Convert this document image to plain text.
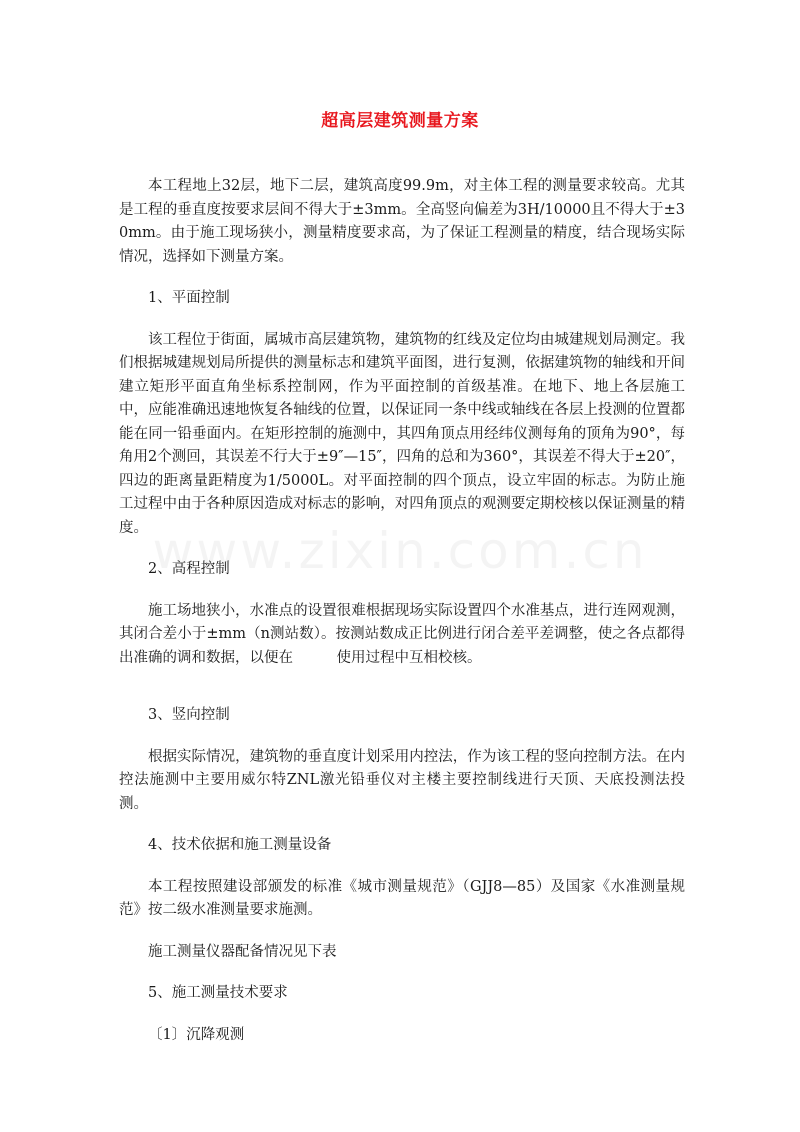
超高层建筑测量方案

本工程地上32层，地下二层，建筑高度99.9m，对主体工程的测量要求较高。尤其是工程的垂直度按要求层间不得大于±3mm。全高竖向偏差为3H/10000且不得大于±30mm。由于施工现场狭小，测量精度要求高，为了保证工程测量的精度，结合现场实际情况，选择如下测量方案。

1、平面控制

该工程位于街面，属城市高层建筑物，建筑物的红线及定位均由城建规划局测定。我们根据城建规划局所提供的测量标志和建筑平面图，进行复测，依据建筑物的轴线和开间建立矩形平面直角坐标系控制网，作为平面控制的首级基准。在地下、地上各层施工 中，应能准确迅速地恢复各轴线的位置，以保证同一条中线或轴线在各层上投测的位置都能在同一铅垂面内。在矩形控制的施测中，其四角顶点用经纬仪测每角的顶角为90°，每角用2个测回，其误差不行大于±9″—15″，四角的总和为360°，其误差不得大于±20″，四边的距离量距精度为1/5000L。对平面控制的四个顶点，设立牢固的标志。为防止施工过程中由于各种原因造成对标志的影响，对四角顶点的观测要定期校核以保证测量的精度。

2、高程控制

施工场地狭小，水准点的设置很难根据现场实际设置四个水准基点，进行连网观测，其闭合差小于±mm（n测站数）。按测站数成正比例进行闭合差平差调整，使之各点都得出准确的调和数据，以便在　　　使用过程中互相校核。

3、竖向控制

根据实际情况，建筑物的垂直度计划采用内控法，作为该工程的竖向控制方法。在内控法施测中主要用威尔特ZNL激光铅垂仪对主楼主要控制线进行天顶、天底投测法投测。

4、技术依据和施工测量设备

本工程按照建设部颁发的标准《城市测量规范》（GJJ8—85）及国家《水准测量规范》按二级水准测量要求施测。

施工测量仪器配备情况见下表

5、施工测量技术要求

〔1〕沉降观测
